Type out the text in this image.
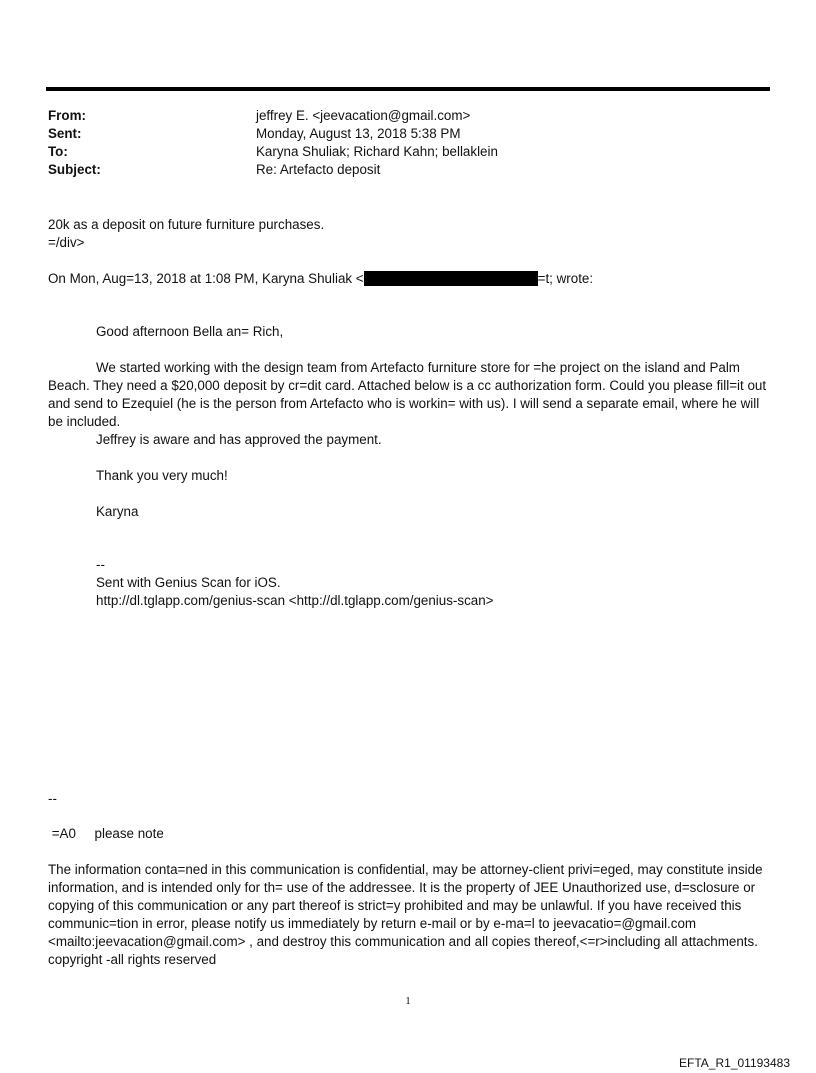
From:	jeffrey E. <jeevacation@gmail.com>
Sent:	Monday, August 13, 2018 5:38 PM
To:	Karyna Shuliak; Richard Kahn; bellaklein
Subject:	Re: Artefacto deposit
20k as a deposit on future furniture purchases.
=/div>
On Mon, Aug=13, 2018 at 1:08 PM, Karyna Shuliak <	=t; wrote:
Good afternoon Bella an= Rich,
We started working with the design team from Artefacto furniture store for =he project on the island and Palm Beach. They need a $20,000 deposit by cr=dit card. Attached below is a cc authorization form. Could you please fill=it out and send to Ezequiel (he is the person from Artefacto who is workin= with us). I will send a separate email, where he will be included.
Jeffrey is aware and has approved the payment.
Thank you very much!
Karyna
--
Sent with Genius Scan for iOS.
http://dl.tglapp.com/genius-scan <http://dl.tglapp.com/genius-scan>
--
=A0     please note
The information conta=ned in this communication is confidential, may be attorney-client privi=eged, may constitute inside information, and is intended only for th= use of the addressee. It is the property of JEE Unauthorized use, d=sclosure or copying of this communication or any part thereof is strict=y prohibited and may be unlawful. If you have received this communic=tion in error, please notify us immediately by return e-mail or by e-ma=l to jeevacatio=@gmail.com <mailto:jeevacation@gmail.com> , and destroy this communication and all copies thereof,<=r>including all attachments. copyright -all rights reserved
1
EFTA_R1_01193483
